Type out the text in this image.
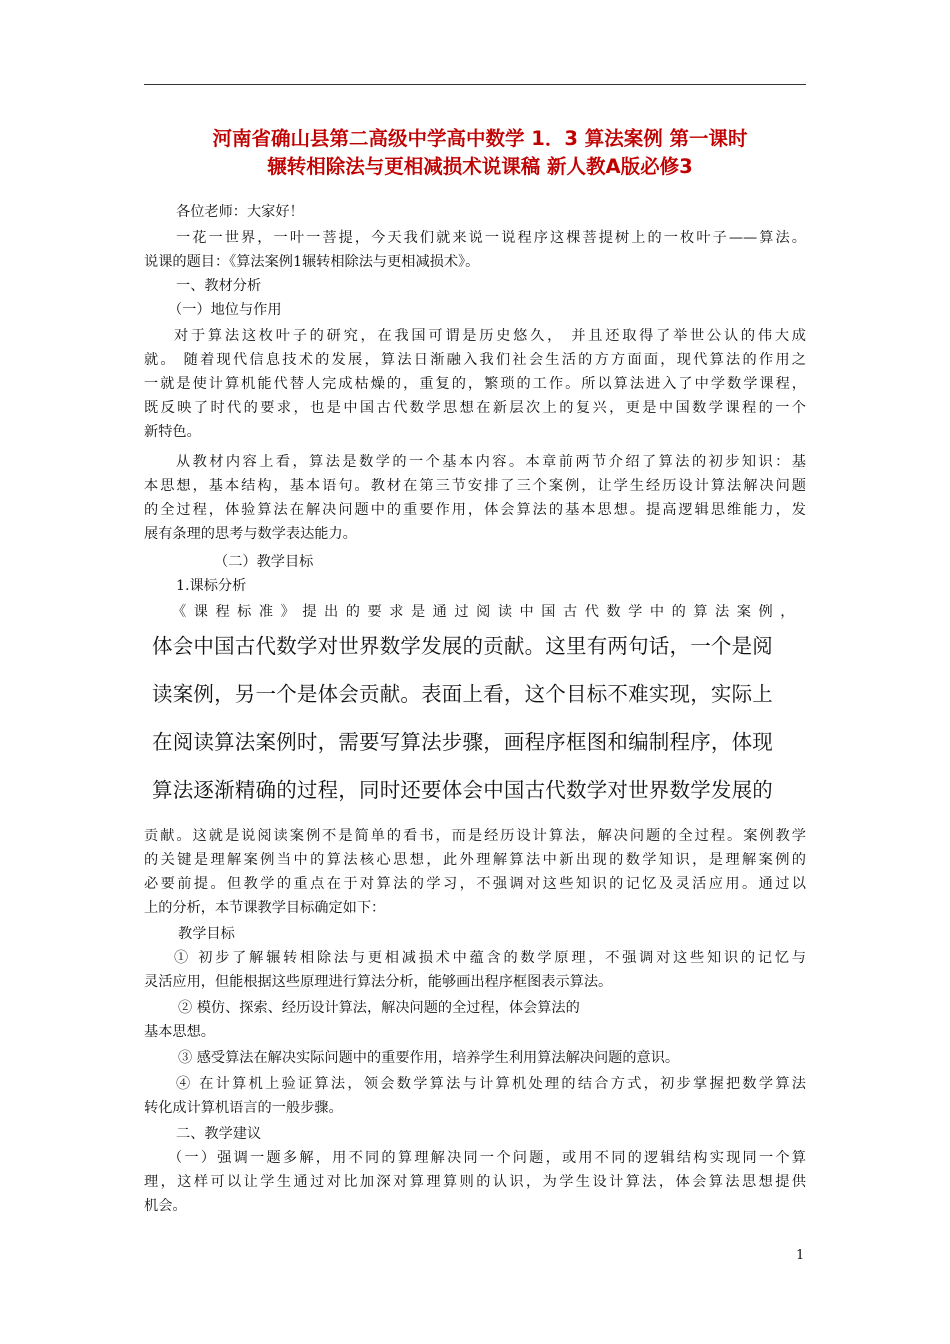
河南省确山县第二高级中学高中数学 1．3 算法案例 第一课时
辗转相除法与更相减损术说课稿 新人教A版必修3
各位老师：大家好！
一花一世界，一叶一菩提，今天我们就来说一说程序这棵菩提树上的一枚叶子——算法。
说课的题目：《算法案例1辗转相除法与更相减损术》。
一、教材分析
（一）地位与作用
对于算法这枚叶子的研究，在我国可谓是历史悠久， 并且还取得了举世公认的伟大成
就。 随着现代信息技术的发展，算法日渐融入我们社会生活的方方面面，现代算法的作用之
一就是使计算机能代替人完成枯燥的，重复的，繁琐的工作。所以算法进入了中学数学课程，
既反映了时代的要求，也是中国古代数学思想在新层次上的复兴，更是中国数学课程的一个
新特色。
从教材内容上看，算法是数学的一个基本内容。本章前两节介绍了算法的初步知识：基
本思想，基本结构，基本语句。教材在第三节安排了三个案例，让学生经历设计算法解决问题
的全过程，体验算法在解决问题中的重要作用，体会算法的基本思想。提高逻辑思维能力，发
展有条理的思考与数学表达能力。
（二）教学目标
1.课标分析
《课程标准》提出的要求是通过阅读中国古代数学中的算法案例，
体会中国古代数学对世界数学发展的贡献。这里有两句话，一个是阅
读案例，另一个是体会贡献。表面上看，这个目标不难实现，实际上
在阅读算法案例时，需要写算法步骤，画程序框图和编制程序，体现
算法逐渐精确的过程，同时还要体会中国古代数学对世界数学发展的
贡献。这就是说阅读案例不是简单的看书，而是经历设计算法，解决问题的全过程。案例教学
的关键是理解案例当中的算法核心思想，此外理解算法中新出现的数学知识，是理解案例的
必要前提。但教学的重点在于对算法的学习，不强调对这些知识的记忆及灵活应用。通过以
上的分析，本节课教学目标确定如下：
教学目标
① 初步了解辗转相除法与更相减损术中蕴含的数学原理，不强调对这些知识的记忆与
灵活应用，但能根据这些原理进行算法分析，能够画出程序框图表示算法。
② 模仿、探索、经历设计算法，解决问题的全过程，体会算法的
基本思想。
③ 感受算法在解决实际问题中的重要作用，培养学生利用算法解决问题的意识。
④ 在计算机上验证算法，领会数学算法与计算机处理的结合方式，初步掌握把数学算法
转化成计算机语言的一般步骤。
二、教学建议
（一）强调一题多解，用不同的算理解决同一个问题，或用不同的逻辑结构实现同一个算
理，这样可以让学生通过对比加深对算理算则的认识，为学生设计算法，体会算法思想提供
机会。
1
